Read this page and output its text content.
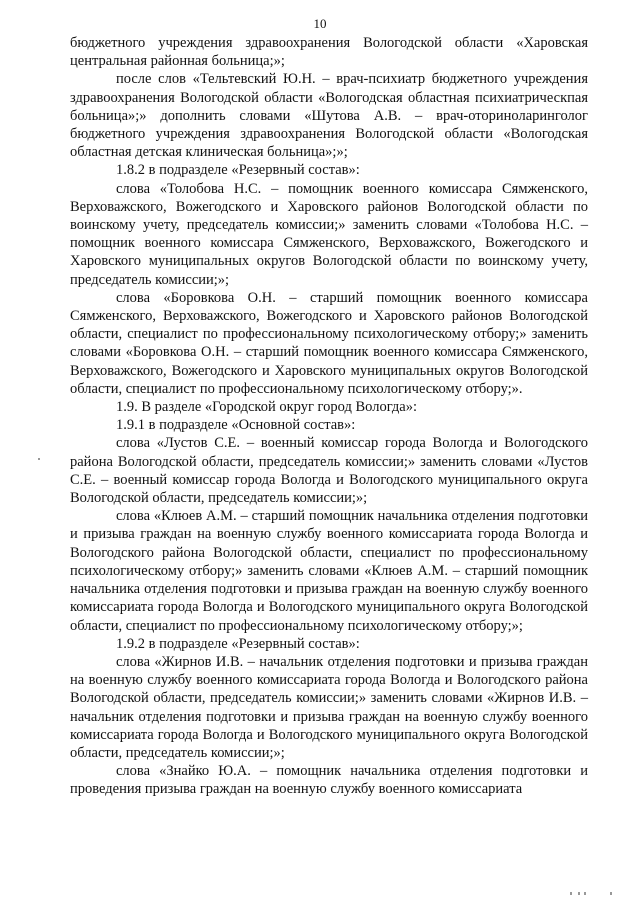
10

бюджетного учреждения здравоохранения Вологодской области «Харовская центральная районная больница;»;

после слов «Тельтевский Ю.Н. – врач-психиатр бюджетного учреждения здравоохранения Вологодской области «Вологодская областная психиатрическпая больница»;» дополнить словами «Шутова А.В. – врач-оториноларинголог бюджетного учреждения здравоохранения Вологодской области «Вологодская областная детская клиническая больница»;»;

1.8.2 в подразделе «Резервный состав»:

слова «Толобова Н.С. – помощник военного комиссара Сямженского, Верховажского, Вожегодского и Харовского районов Вологодской области по воинскому учету, председатель комиссии;» заменить словами «Толобова Н.С. – помощник военного комиссара Сямженского, Верховажского, Вожегодского и Харовского муниципальных округов Вологодской области по воинскому учету, председатель комиссии;»;

слова «Боровкова О.Н. – старший помощник военного комиссара Сямженского, Верховажского, Вожегодского и Харовского районов Вологодской области, специалист по профессиональному психологическому отбору;» заменить словами «Боровкова О.Н. – старший помощник военного комиссара Сямженского, Верховажского, Вожегодского и Харовского муниципальных округов Вологодской области, специалист по профессиональному психологическому отбору;».

1.9. В разделе «Городской округ город Вологда»:

1.9.1 в подразделе «Основной состав»:

слова «Лустов С.Е. – военный комиссар города Вологда и Вологодского района Вологодской области, председатель комиссии;» заменить словами «Лустов С.Е. – военный комиссар города Вологда и Вологодского муниципального округа Вологодской области, председатель комиссии;»;

слова «Клюев А.М. – старший помощник начальника отделения подготовки и призыва граждан на военную службу военного комиссариата города Вологда и Вологодского района Вологодской области, специалист по профессиональному психологическому отбору;» заменить словами «Клюев А.М. – старший помощник начальника отделения подготовки и призыва граждан на военную службу военного комиссариата города Вологда и Вологодского муниципального округа Вологодской области, специалист по профессиональному психологическому отбору;»;

1.9.2 в подразделе «Резервный состав»:

слова «Жирнов И.В. – начальник отделения подготовки и призыва граждан на военную службу военного комиссариата города Вологда и Вологодского района Вологодской области, председатель комиссии;» заменить словами «Жирнов И.В. – начальник отделения подготовки и призыва граждан на военную службу военного комиссариата города Вологда и Вологодского муниципального округа Вологодской области, председатель комиссии;»;

слова «Знайко Ю.А. – помощник начальника отделения подготовки и проведения призыва граждан на военную службу военного комиссариата
